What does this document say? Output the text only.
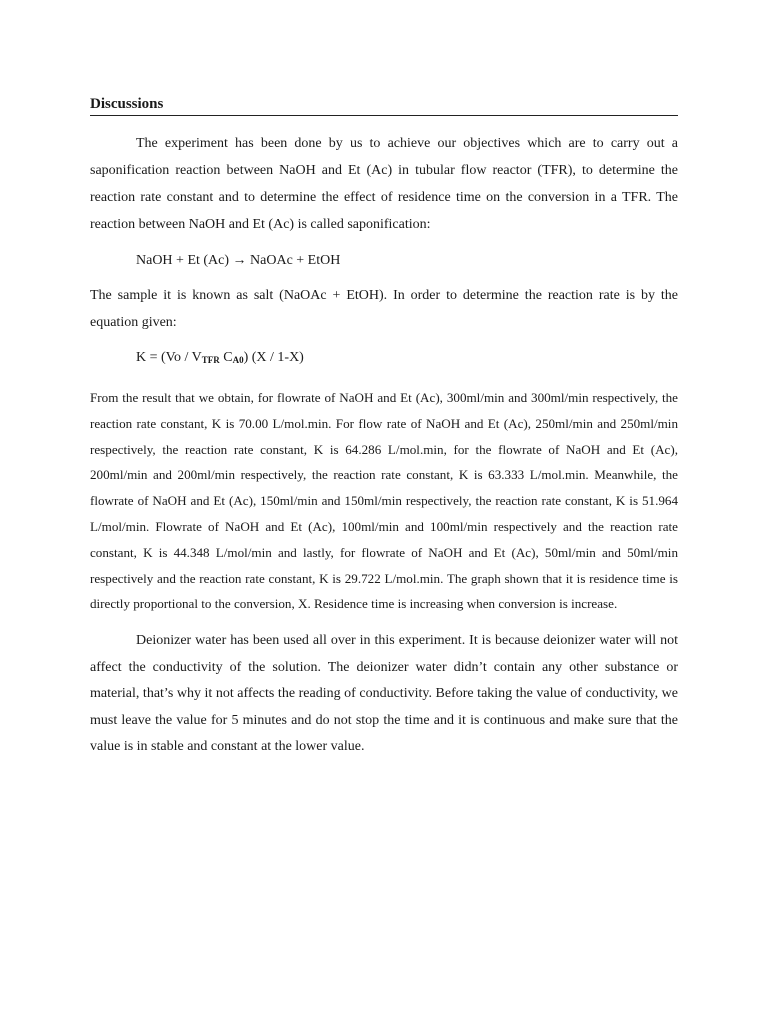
Discussions

The experiment has been done by us to achieve our objectives which are to carry out a saponification reaction between NaOH and Et (Ac) in tubular flow reactor (TFR), to determine the reaction rate constant and to determine the effect of residence time on the conversion in a TFR. The reaction between NaOH and Et (Ac) is called saponification:

NaOH + Et (Ac) → NaOAc + EtOH

The sample it is known as salt (NaOAc + EtOH). In order to determine the reaction rate is by the equation given:

$K = (Vo / V_{TFR}$ $C_{A0}$) (X / 1-X)

From the result that we obtain, for flowrate of NaOH and Et (Ac), 300ml/min and 300ml/min respectively, the reaction rate constant, K is 70.00 L/mol.min. For flow rate of NaOH and Et (Ac), 250ml/min and 250ml/min respectively, the reaction rate constant, K is 64.286 L/mol.min, for the flowrate of NaOH and Et (Ac), 200ml/min and 200ml/min respectively, the reaction rate constant, K is 63.333 L/mol.min. Meanwhile, the flowrate of NaOH and Et (Ac), 150ml/min and 150ml/min respectively, the reaction rate constant, K is 51.964 L/mol/min. Flowrate of NaOH and Et (Ac), 100ml/min and 100ml/min respectively and the reaction rate constant, K is 44.348 L/mol/min and lastly, for flowrate of NaOH and Et (Ac), 50ml/min and 50ml/min respectively and the reaction rate constant, K is 29.722 L/mol.min. The graph shown that it is residence time is directly proportional to the conversion, X. Residence time is increasing when conversion is increase.

Deionizer water has been used all over in this experiment. It is because deionizer water will not affect the conductivity of the solution. The deionizer water didn’t contain any other substance or material, that’s why it not affects the reading of conductivity. Before taking the value of conductivity, we must leave the value for 5 minutes and do not stop the time and it is continuous and make sure that the value is in stable and constant at the lower value.
